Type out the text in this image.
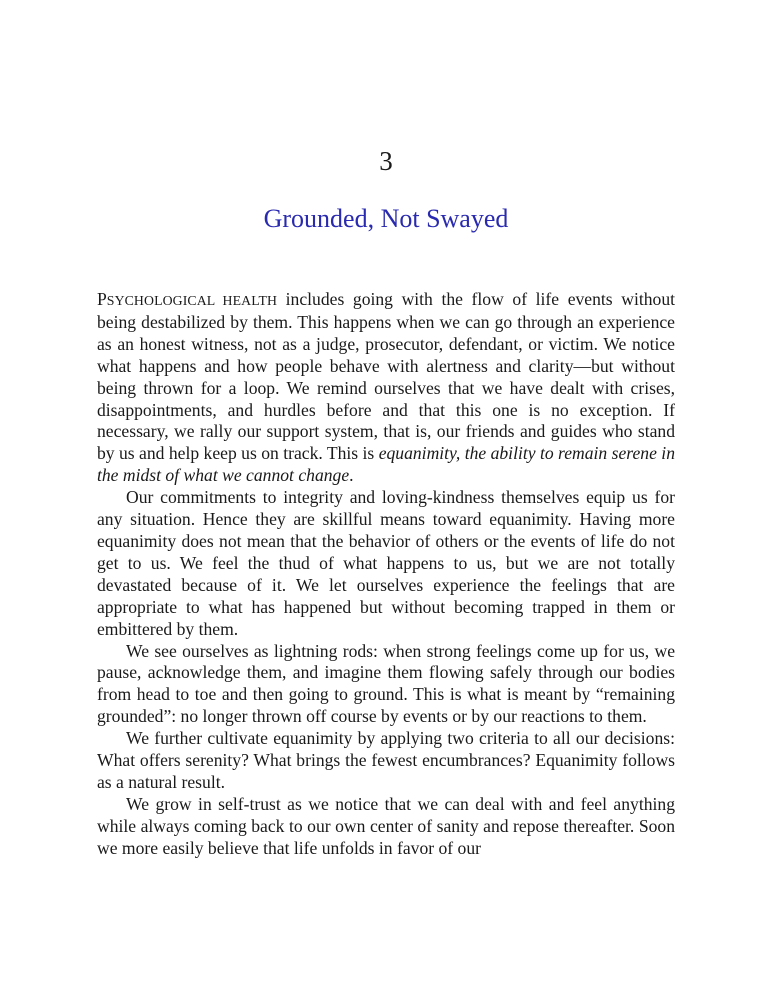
3
Grounded, Not Swayed

PSYCHOLOGICAL HEALTH includes going with the flow of life events without being destabilized by them. This happens when we can go through an experience as an honest witness, not as a judge, prosecutor, defendant, or victim. We notice what happens and how people behave with alertness and clarity—but without being thrown for a loop. We remind ourselves that we have dealt with crises, disappointments, and hurdles before and that this one is no exception. If necessary, we rally our support system, that is, our friends and guides who stand by us and help keep us on track. This is equanimity, the ability to remain serene in the midst of what we cannot change.

Our commitments to integrity and loving-kindness themselves equip us for any situation. Hence they are skillful means toward equanimity. Having more equanimity does not mean that the behavior of others or the events of life do not get to us. We feel the thud of what happens to us, but we are not totally devastated because of it. We let ourselves experience the feelings that are appropriate to what has happened but without becoming trapped in them or embittered by them.

We see ourselves as lightning rods: when strong feelings come up for us, we pause, acknowledge them, and imagine them flowing safely through our bodies from head to toe and then going to ground. This is what is meant by “remaining grounded”: no longer thrown off course by events or by our reactions to them.

We further cultivate equanimity by applying two criteria to all our decisions: What offers serenity? What brings the fewest encumbrances? Equanimity follows as a natural result.

We grow in self-trust as we notice that we can deal with and feel anything while always coming back to our own center of sanity and repose thereafter. Soon we more easily believe that life unfolds in favor of our
